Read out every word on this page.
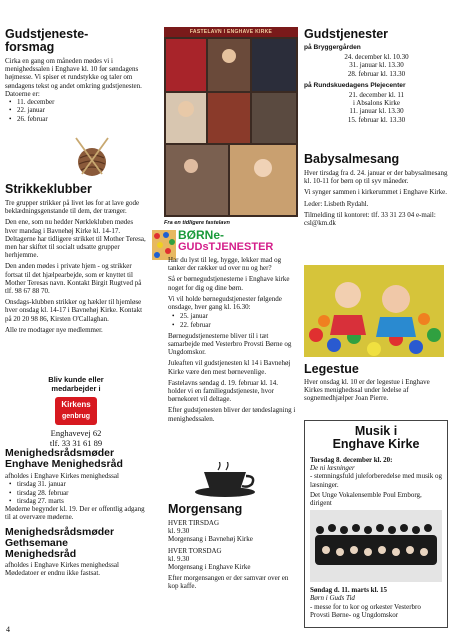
Gudstjeneste-
forsmag

Cirka en gang om måneden mødes vi i menighedssalen i Enghave kl. 10 før søndagens højmesse. Vi spiser et rundstykke og taler om søndagens tekst og andet omkring gudstjenesten.

Datoerne er:

• 11. december
• 22. januar
• 26. februar
Strikkeklubber

Tre grupper strikker på livet løs for at lave gode beklædningsgenstande til dem, der trænger.

Den ene, som nu hedder Nørklekluben mødes hver mandag i Bavnehøj Kirke kl. 14-17. Deltagerne har tidligere strikket til Mother Teresa, men har skiftet til socialt udsatte grupper herhjemme.

Den anden mødes i private hjem - og strikker fortsat til det hjælpearbejde, som er knyttet til Mother Teresas navn. Kontakt Birgit Rugtved på tlf. 98 67 88 70.

Onsdags-klubben strikker og hækler til hjemløse hver onsdag kl. 14-17 i Bavnehøj Kirke. Kontakt på 20 20 98 86, Kirsten O'Callaghan.

Alle tre modtager nye medlemmer.

Bliv kunde eller
medarbejder i
Kirkens
genbrug
Enghavevej 62
tlf. 33 31 61 89
Menighedsrådsmøder
Enghave Menighedsråd

afholdes i Enghave Kirkes menighedssal

• tirsdag 31. januar
• tirsdag 28. februar
• tirsdag 27. marts

Møderne begynder kl. 19. Der er offentlig adgang til at overvære møderne.

Menighedsrådsmøder
Gethsemane
Menighedsråd

afholdes i Enghave Kirkes menighedssal Mødedatoer er endnu ikke fastsat.

4
FASTELAVN I ENGHAVE KIRKE
Fra en tidligere fastelavn
BØRNe-
GUDsTJENESTER

Har du lyst til leg, hygge, lekker mad og tanker der rækker ud over nu og her?

Så er børnegudstjenesterne i Enghave kirke noget for dig og dine børn.

Vi vil holde børnegudstjenester følgende onsdage, hver gang kl. 16.30:

• 25. januar
• 22. februar

Børnegudstjenesterne bliver til i tæt samarbejde med Vesterbro Provsti Børne og Ungdomskor.

Juleaften vil gudstjenesten kl 14 i Bavnehøj Kirke være den mest børnevenlige.

Fastelavns søndag d. 19. februar kl. 14. holder vi en familiegudstjeneste, hvor børnekoret vil deltage.

Efter gudstjenesten bliver der tøndeslagning i menighedssalen.

Morgensang

HVER TIRSDAG

kl. 9.30

Morgensang i Bavnehøj Kirke

HVER TORSDAG

kl. 9.30

Morgensang i Enghave Kirke

Efter morgensangen er der samvær over en kop kaffe.

Gudstjenester

på Bryggergården

24. december kl. 10.30
31. januar kl. 13.30
28. februar kl. 13.30

på Rundskuedagens Plejecenter

21. december kl. 11
i Absalons Kirke
11. januar kl. 13.30
15. februar kl. 13.30
Babysalmesang

Hver tirsdag fra d. 24. januar er der babysalmesang kl. 10-11 for børn op til syv måneder.

Vi synger sammen i kirkerummet i Enghave Kirke.

Leder: Lisbeth Rydahl.

Tilmelding til kontoret: tlf. 33 31 23 04 e-mail: csl@km.dk

Legestue

Hver onsdag kl. 10 er der legestue i Enghave Kirkes menighedssal under ledelse af sognemedhjælper Joan Pierre.

Musik i
Enghave Kirke

Torsdag 8. december kl. 20:

De ni læsninger

- stemningsfuld juleforberedelse med musik og læsninger.

Det Unge Vokalensemble Poul Emborg, dirigent

Søndag d. 11. marts kl. 15

Børn i Guds Tid

- messe for to kor og orkester Vesterbro Provsti Børne- og Ungdomskor
